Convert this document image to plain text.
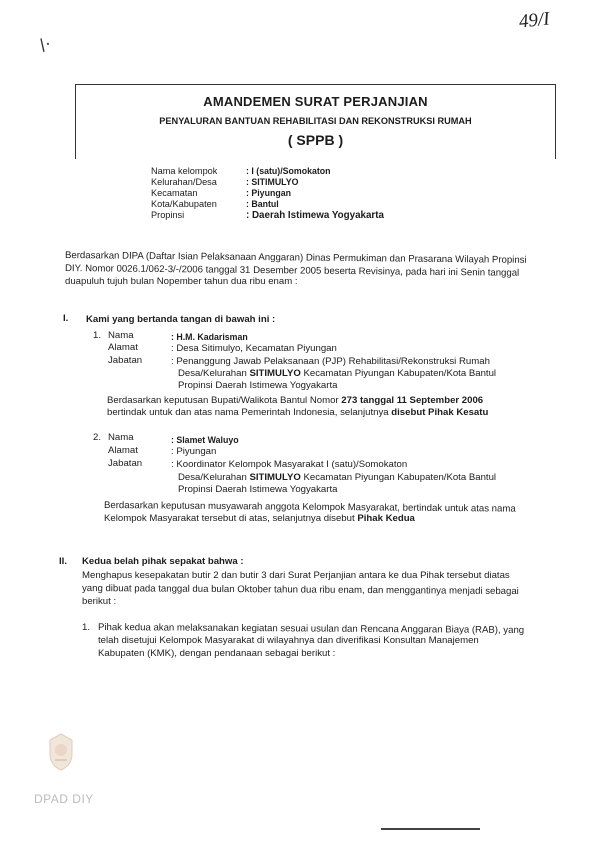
49/I
/·
AMANDEMEN SURAT PERJANJIAN
PENYALURAN BANTUAN REHABILITASI DAN REKONSTRUKSI RUMAH
( SPPB )
Nama kelompok	: I (satu)/Somokaton
Kelurahan/Desa	: SITIMULYO
Kecamatan	: Piyungan
Kota/Kabupaten	: Bantul
Propinsi	: Daerah Istimewa Yogyakarta
Berdasarkan DIPA (Daftar Isian Pelaksanaan Anggaran) Dinas Permukiman dan Prasarana Wilayah Propinsi
DIY. Nomor 0026.1/062-3/-/2006 tanggal 31 Desember 2005 beserta Revisinya, pada hari ini Senin tanggal
duapuluh tujuh bulan Nopember tahun dua ribu enam :
I. Kami yang bertanda tangan di bawah ini :
1. Nama	: H.M. Kadarisman
Alamat	: Desa Sitimulyo, Kecamatan Piyungan
Jabatan	: Penanggung Jawab Pelaksanaan (PJP) Rehabilitasi/Rekonstruksi Rumah
Desa/Kelurahan SITIMULYO Kecamatan Piyungan Kabupaten/Kota Bantul
Propinsi Daerah Istimewa Yogyakarta
Berdasarkan keputusan Bupati/Walikota Bantul Nomor 273 tanggal 11 September 2006
bertindak untuk dan atas nama Pemerintah Indonesia, selanjutnya disebut Pihak Kesatu
2. Nama	: Slamet Waluyo
Alamat	: Piyungan
Jabatan	: Koordinator Kelompok Masyarakat I (satu)/Somokaton
Desa/Kelurahan SITIMULYO Kecamatan Piyungan Kabupaten/Kota Bantul
Propinsi Daerah Istimewa Yogyakarta
Berdasarkan keputusan musyawarah anggota Kelompok Masyarakat, bertindak untuk atas nama
Kelompok Masyarakat tersebut di atas, selanjutnya disebut Pihak Kedua
II. Kedua belah pihak sepakat bahwa :
Menghapus kesepakatan butir 2 dan butir 3 dari Surat Perjanjian antara ke dua Pihak tersebut diatas
yang dibuat pada tanggal dua bulan Oktober tahun dua ribu enam, dan menggantinya menjadi sebagai
berikut :
1. Pihak kedua akan melaksanakan kegiatan sesuai usulan dan Rencana Anggaran Biaya (RAB), yang
telah disetujui Kelompok Masyarakat di wilayahnya dan diverifikasi Konsultan Manajemen
Kabupaten (KMK), dengan pendanaan sebagai berikut :
DPAD DIY
